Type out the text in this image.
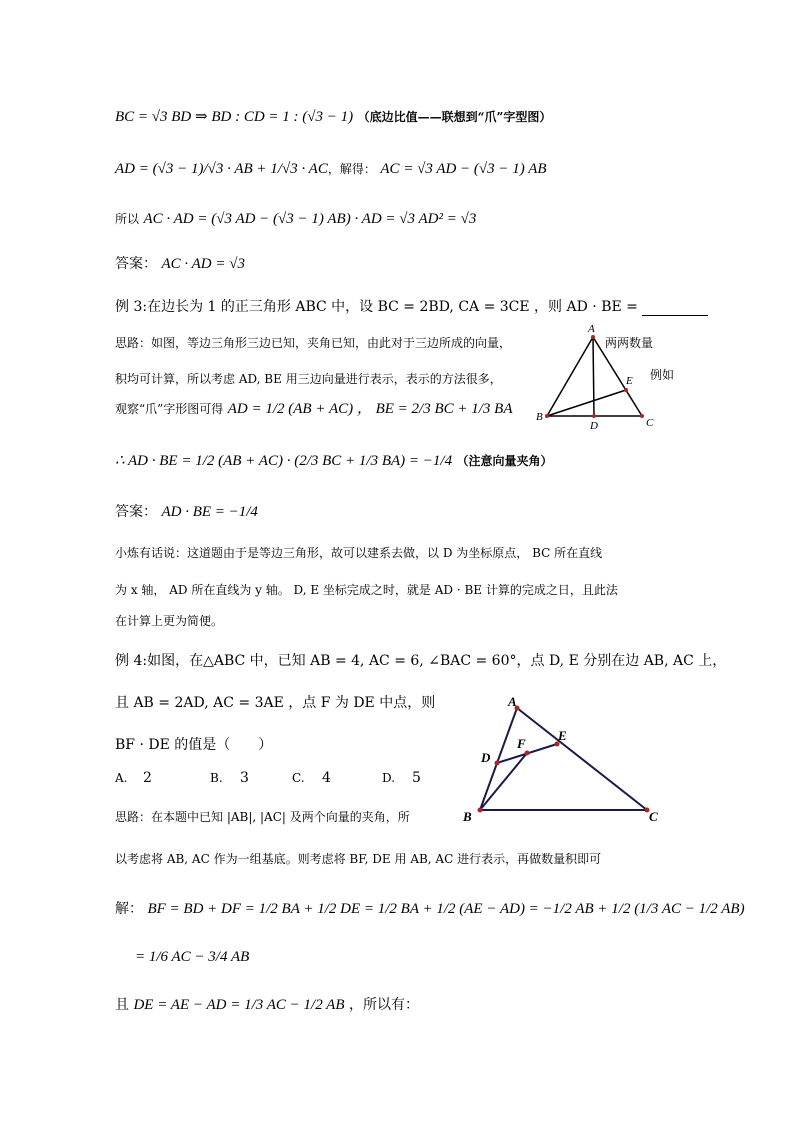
BC = √3 BD ⇒ BD : CD = 1 : (√3 − 1) （底边比值——联想到“爪”字型图）
AD = (√3 − 1)/√3 · AB + 1/√3 · AC，解得： AC = √3 AD − (√3 − 1) AB
所以 AC · AD = (√3 AD − (√3 − 1) AB) · AD = √3 AD² = √3
答案： AC · AD = √3
例 3:在边长为 1 的正三角形 ABC 中，设 BC = 2BD, CA = 3CE ，则 AD · BE =
思路：如图，等边三角形三边已知，夹角已知，由此对于三边所成的向量，	两两数量
积均可计算，所以考虑 AD, BE 用三边向量进行表示，表示的方法很多，	例如
观察“爪”字形图可得 AD = 1/2 (AB + AC) ， BE = 2/3 BC + 1/3 BA
∴ AD · BE = 1/2 (AB + AC) · (2/3 BC + 1/3 BA) = −1/4 （注意向量夹角）
答案： AD · BE = −1/4
小炼有话说：这道题由于是等边三角形，故可以建系去做，以 D 为坐标原点， BC 所在直线
为 x 轴， AD 所在直线为 y 轴。 D, E 坐标完成之时，就是 AD · BE 计算的完成之日，且此法
在计算上更为简便。
例 4:如图，在△ABC 中，已知 AB = 4, AC = 6, ∠BAC = 60°，点 D, E 分别在边 AB, AC 上，
且 AB = 2AD, AC = 3AE ，点 F 为 DE 中点，则
BF · DE 的值是（　　）
A. 2	B. 3	C. 4	D. 5
思路：在本题中已知 |AB|, |AC| 及两个向量的夹角，所
以考虑将 AB, AC 作为一组基底。则考虑将 BF, DE 用 AB, AC 进行表示，再做数量积即可
解： BF = BD + DF = 1/2 BA + 1/2 DE = 1/2 BA + 1/2 (AE − AD) = −1/2 AB + 1/2 (1/3 AC − 1/2 AB)
= 1/6 AC − 3/4 AB
且 DE = AE − AD = 1/3 AC − 1/2 AB ，所以有：
A
B	C
D
E
A
B	C
D
E
F
